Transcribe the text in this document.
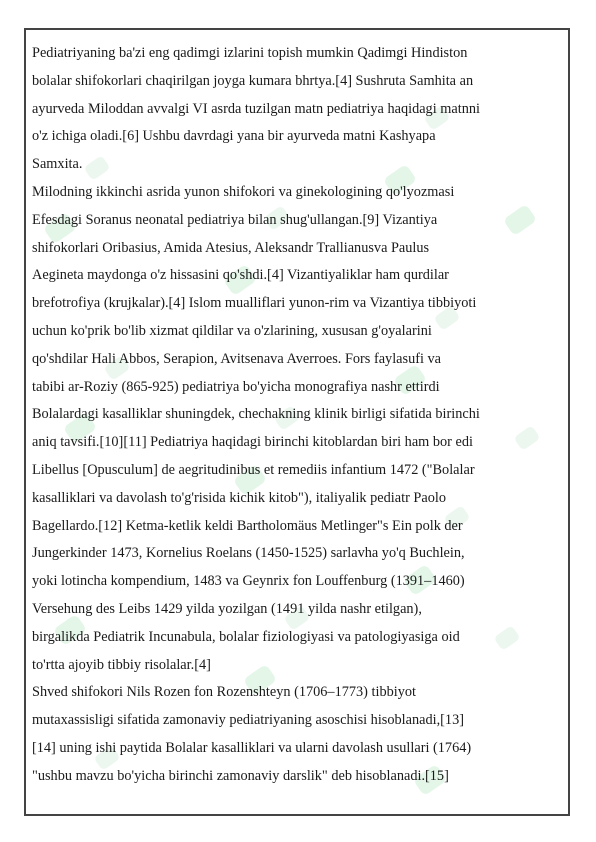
Pediatriyaning ba'zi eng qadimgi izlarini topish mumkin Qadimgi Hindiston
bolalar shifokorlari chaqirilgan joyga kumara bhrtya.[4] Sushruta Samhita an
ayurveda Miloddan avvalgi VI asrda tuzilgan matn pediatriya haqidagi matnni
o'z ichiga oladi.[6] Ushbu davrdagi yana bir ayurveda matni Kashyapa
Samxita.
Milodning ikkinchi asrida yunon shifokori va ginekologining qo'lyozmasi
Efesdagi Soranus neonatal pediatriya bilan shug'ullangan.[9] Vizantiya
shifokorlari Oribasius, Amida Atesius, Aleksandr Trallianusva Paulus
Aegineta maydonga o'z hissasini qo'shdi.[4] Vizantiyaliklar ham qurdilar
brefotrofiya (krujkalar).[4] Islom mualliflari yunon-rim va Vizantiya tibbiyoti
uchun ko'prik bo'lib xizmat qildilar va o'zlarining, xususan g'oyalarini
qo'shdilar Hali Abbos, Serapion, Avitsenava Averroes. Fors faylasufi va
tabibi ar-Roziy (865-925) pediatriya bo'yicha monografiya nashr ettirdi
Bolalardagi kasalliklar shuningdek, chechakning klinik birligi sifatida birinchi
aniq tavsifi.[10][11] Pediatriya haqidagi birinchi kitoblardan biri ham bor edi
Libellus [Opusculum] de aegritudinibus et remediis infantium 1472 ("Bolalar
kasalliklari va davolash to'g'risida kichik kitob"), italiyalik pediatr Paolo
Bagellardo.[12] Ketma-ketlik keldi Bartholomäus Metlinger"s Ein polk der
Jungerkinder 1473, Kornelius Roelans (1450-1525) sarlavha yo'q Buchlein,
yoki lotincha kompendium, 1483 va Geynrix fon Louffenburg (1391–1460)
Versehung des Leibs 1429 yilda yozilgan (1491 yilda nashr etilgan),
birgalikda Pediatrik Incunabula, bolalar fiziologiyasi va patologiyasiga oid
to'rtta ajoyib tibbiy risolalar.[4]
Shved shifokori Nils Rozen fon Rozenshteyn (1706–1773) tibbiyot
mutaxassisligi sifatida zamonaviy pediatriyaning asoschisi hisoblanadi,[13]
[14] uning ishi paytida Bolalar kasalliklari va ularni davolash usullari (1764)
"ushbu mavzu bo'yicha birinchi zamonaviy darslik" deb hisoblanadi.[15]
